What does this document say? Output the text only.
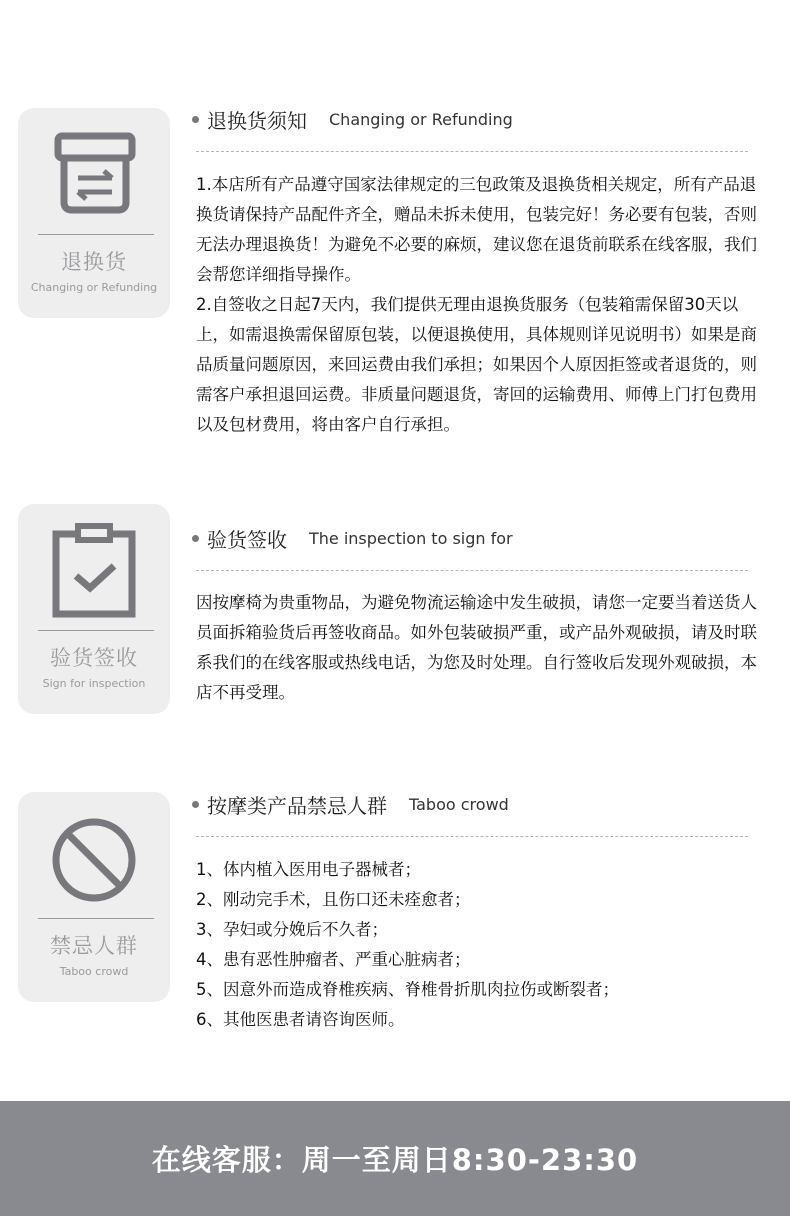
退换货
Changing or Refunding
退换货须知 Changing or Refunding

1.本店所有产品遵守国家法律规定的三包政策及退换货相关规定，所有产品退换货请保持产品配件齐全，赠品未拆未使用，包装完好！务必要有包装，否则无法办理退换货！为避免不必要的麻烦，建议您在退货前联系在线客服，我们会帮您详细指导操作。

2.自签收之日起7天内，我们提供无理由退换货服务（包装箱需保留30天以上，如需退换需保留原包装，以便退换使用，具体规则详见说明书）如果是商品质量问题原因，来回运费由我们承担；如果因个人原因拒签或者退货的，则需客户承担退回运费。非质量问题退货，寄回的运输费用、师傅上门打包费用以及包材费用，将由客户自行承担。

验货签收
Sign for inspection
验货签收 The inspection to sign for

因按摩椅为贵重物品，为避免物流运输途中发生破损，请您一定要当着送货人员面拆箱验货后再签收商品。如外包装破损严重，或产品外观破损，请及时联系我们的在线客服或热线电话，为您及时处理。自行签收后发现外观破损，本店不再受理。

禁忌人群
Taboo crowd
按摩类产品禁忌人群 Taboo crowd
1、体内植入医用电子器械者；
2、刚动完手术，且伤口还未痊愈者；
3、孕妇或分娩后不久者；
4、患有恶性肿瘤者、严重心脏病者；
5、因意外而造成脊椎疾病、脊椎骨折肌肉拉伤或断裂者；
6、其他医患者请咨询医师。
在线客服：周一至周日8:30-23:30
